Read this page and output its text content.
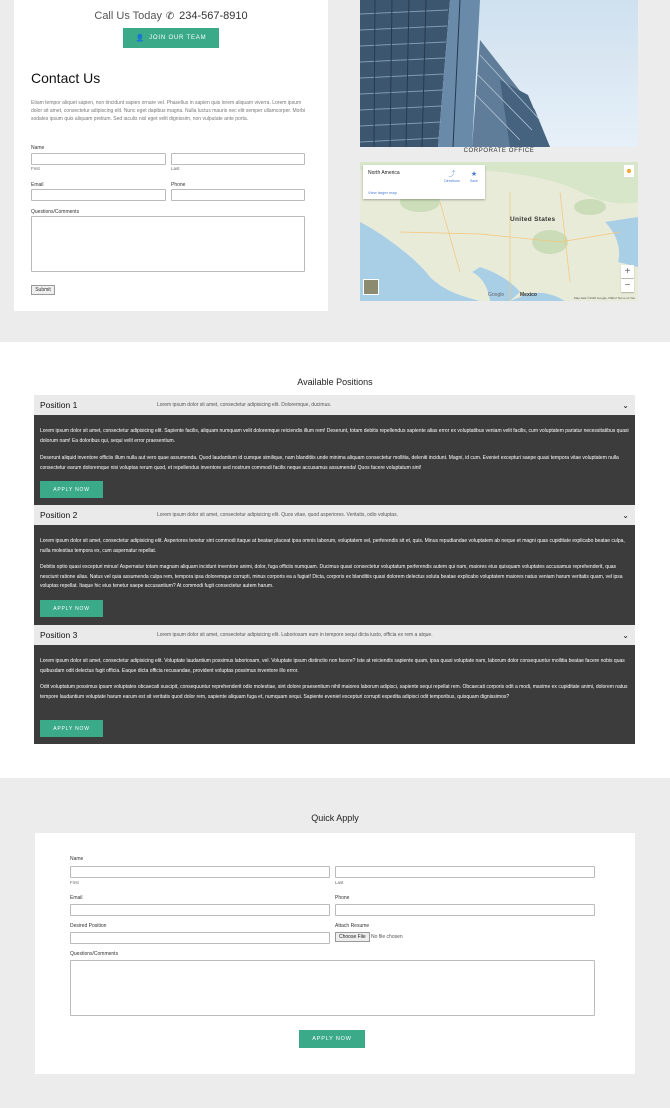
Call Us Today ✆ 234-567-8910
👤 JOIN OUR TEAM
Contact Us
Etiam tempor aliquet sapien, non tincidunt sapien ornare vel. Phasellus in sapien quis lorem aliquam viverra. Lorem ipsum dolor sit amet, consectetur adipiscing elit. Nunc eget dapibus magna. Nulla luctus mauris nec elit semper ullamcorper. Morbi sodales ipsum quis aliquam pretium. Sed iaculis nisl eget velit dignissim, non vulputate ante porta.
Name
First	Last
Email	Phone
Questions/Comments
Submit
CORPORATE OFFICE
North America
View larger map
⤴
Directions
★
Save
☻
United States
Mexico
Google
+
−
Map data ©2020 Google, INEGI Terms of Use
Available Positions
Position 1	Lorem ipsum dolor sit amet, consectetur adipisicing elit. Doloremque, ducimus.	⌄

Lorem ipsum dolor sit amet, consectetur adipisicing elit. Sapiente facilis, aliquam numquam velit doloremque reiciendis illum rem! Deserunt, totam debitis repellendus sapiente alias error ex voluptatibus veniam velit facilis, cum voluptatem pariatur necessitatibus quasi dolorum nam! Ea doloribus qui, sequi velit error praesentium.

Deserunt aliquid inventore officiis illum nulla aut vero quae assumenda. Quod laudantium id cumque similique, nam blanditiis unde minima aliquam consectetur mollitia, deleniti incidunt. Magni, id cum. Eveniet excepturi saepe quasi tempora vitae voluptatem nulla consectetur earum doloremque nisi voluptas rerum quod, et repellendus inventore sed nostrum commodi facilis neque accusamus assumenda! Quos facere voluptatum sint!

APPLY NOW
Position 2	Lorem ipsum dolor sit amet, consectetur adipisicing elit. Quos vitae, quod asperiores. Veritatis, odio voluptas.	⌄

Lorem ipsum dolor sit amet, consectetur adipisicing elit. Asperiores tenetur sint commodi itaque at beatae placeat ipsa omnis laborum, voluptatem vel, perferendis sit et, quis. Minus repudiandae voluptatem ab neque et magni quas cupiditate explicabo beatae culpa, nulla molestias tempora ex, cum aspernatur repellat.

Debitis optio quasi excepturi minus! Aspernatur totam magnam aliquam incidunt inventore animi, dolor, fuga officiis numquam. Ducimus quasi consectetur voluptatum perferendis autem qui nam, maiores eius quisquam voluptates accusamus reprehenderit, quas nesciunt ratione alias. Natus vel quia assumenda culpa rem, tempora ipsa doloremque corrupti, minus corporis ea a fugiat! Dicta, corporis ex blanditiis quasi dolorem delectus soluta beatae explicabo voluptatem maiores natus veniam harum veritatis quam, vel ipsa voluptas repellat. Itaque hic eius tenetur saepe accusantium? At commodi fugit consectetur autem harum.

APPLY NOW
Position 3	Lorem ipsum dolor sit amet, consectetur adipisicing elit. Laboriosam eum in tempore sequi dicta iusto, officia ex rem a atque.	⌄

Lorem ipsum dolor sit amet, consectetur adipisicing elit. Voluptate laudantium possimus laboriosam, vel. Voluptate ipsum distinctio non facere? Iste at reiciendis sapiente quam, ipsa quasi voluptate nam, laborum dolor consequuntur mollitia beatae facere nobis quas quibusdam odit delectus fugit officia. Eaque dicta officia recusandae, provident voluptas possimus inventore illo error.

Odit voluptatum possimus ipsam voluptates obcaecati suscipit, consequuntur reprehenderit odio molestiae, sint dolore praesentium nihil maiores laborum adipisci, sapiente sequi repellat rem. Obcaecati corporis odit a modi, maxime ex cupiditate animi, dolorem natus tempore laudantium voluptate harum earum est sit veritatis quod dolor rem, sapiente aliquam fuga et, numquam sequi. Sapiente eveniet excepturi corrupti expedita adipisci odit temporibus, quisquam dignissimos?

APPLY NOW
Quick Apply
Name
First	Last
Email	Phone
Desired Position	Attach Resume
Choose File	No file chosen
Questions/Comments
APPLY NOW
